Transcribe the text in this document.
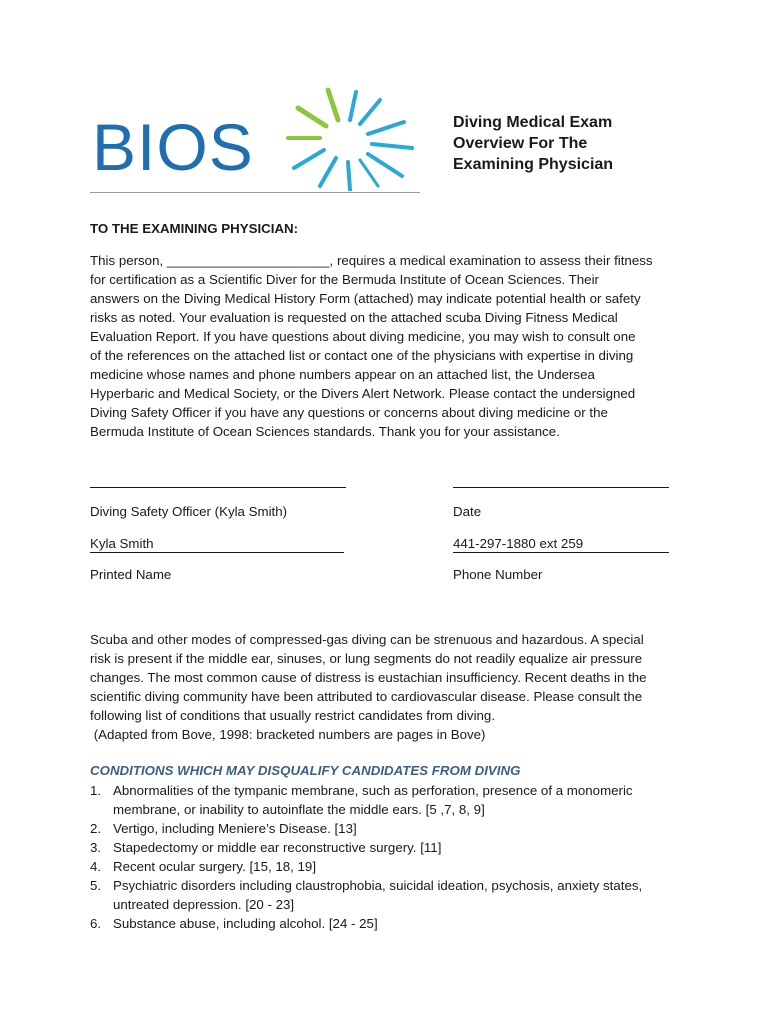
BIOS	Diving Medical Exam
Overview For The
Examining Physician
TO THE EXAMINING PHYSICIAN:
This person, ______________________, requires a medical examination to assess their fitness
for certification as a Scientific Diver for the Bermuda Institute of Ocean Sciences. Their
answers on the Diving Medical History Form (attached) may indicate potential health or safety
risks as noted. Your evaluation is requested on the attached scuba Diving Fitness Medical
Evaluation Report. If you have questions about diving medicine, you may wish to consult one
of the references on the attached list or contact one of the physicians with expertise in diving
medicine whose names and phone numbers appear on an attached list, the Undersea
Hyperbaric and Medical Society, or the Divers Alert Network. Please contact the undersigned
Diving Safety Officer if you have any questions or concerns about diving medicine or the
Bermuda Institute of Ocean Sciences standards. Thank you for your assistance.
Diving Safety Officer (Kyla Smith)	Date
Kyla Smith	441-297-1880 ext 259
Printed Name	Phone Number
Scuba and other modes of compressed-gas diving can be strenuous and hazardous. A special
risk is present if the middle ear, sinuses, or lung segments do not readily equalize air pressure
changes. The most common cause of distress is eustachian insufficiency. Recent deaths in the
scientific diving community have been attributed to cardiovascular disease. Please consult the
following list of conditions that usually restrict candidates from diving.
(Adapted from Bove, 1998: bracketed numbers are pages in Bove)
CONDITIONS WHICH MAY DISQUALIFY CANDIDATES FROM DIVING
1. Abnormalities of the tympanic membrane, such as perforation, presence of a monomeric
membrane, or inability to autoinflate the middle ears. [5 ,7, 8, 9]
2. Vertigo, including Meniere’s Disease. [13]
3. Stapedectomy or middle ear reconstructive surgery. [11]
4. Recent ocular surgery. [15, 18, 19]
5. Psychiatric disorders including claustrophobia, suicidal ideation, psychosis, anxiety states,
untreated depression. [20 - 23]
6. Substance abuse, including alcohol. [24 - 25]
